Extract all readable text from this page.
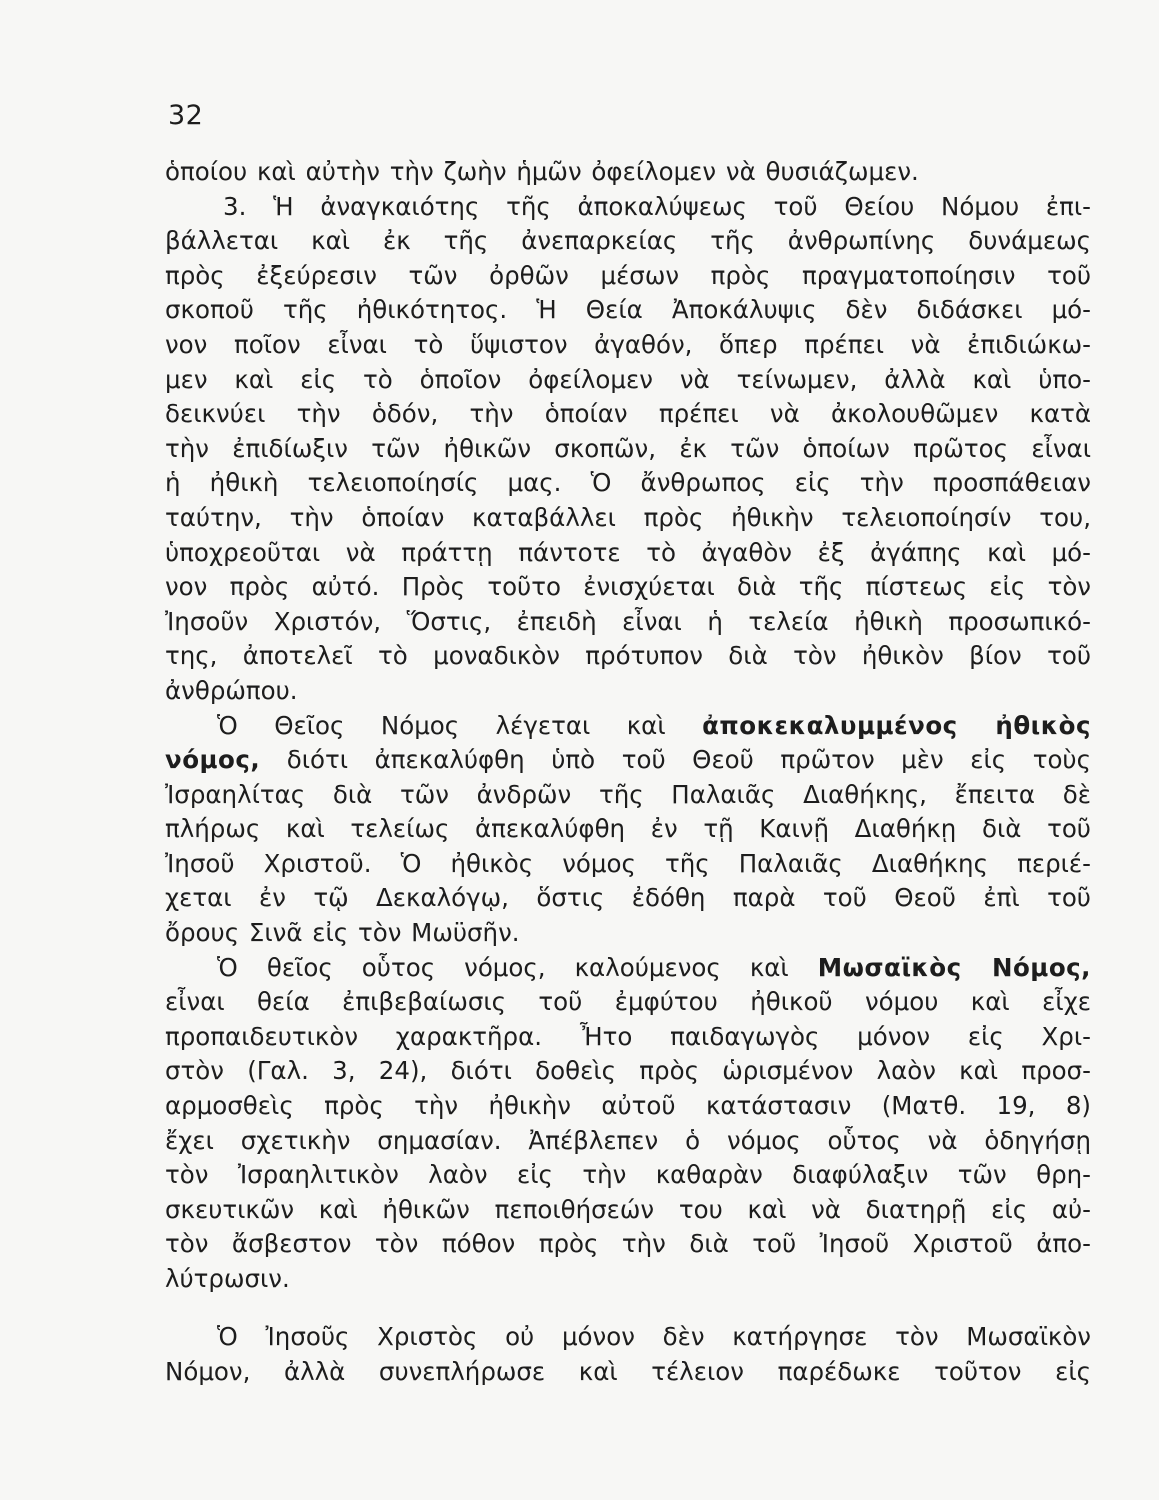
32
ὁποίου καὶ αὐτὴν τὴν ζωὴν ἡμῶν ὀφείλομεν νὰ θυσιάζωμεν.
3. Ἡ ἀναγκαιότης τῆς ἀποκαλύψεως τοῦ Θείου Νόμου ἐπι-
βάλλεται καὶ ἐκ τῆς ἀνεπαρκείας τῆς ἀνθρωπίνης δυνάμεως
πρὸς ἐξεύρεσιν τῶν ὀρθῶν μέσων πρὸς πραγματοποίησιν τοῦ
σκοποῦ τῆς ἠθικότητος. Ἡ Θεία Ἀποκάλυψις δὲν διδάσκει μό-
νον ποῖον εἶναι τὸ ὕψιστον ἀγαθόν, ὅπερ πρέπει νὰ ἐπιδιώκω-
μεν καὶ εἰς τὸ ὁποῖον ὀφείλομεν νὰ τείνωμεν, ἀλλὰ καὶ ὑπο-
δεικνύει τὴν ὁδόν, τὴν ὁποίαν πρέπει νὰ ἀκολουθῶμεν κατὰ
τὴν ἐπιδίωξιν τῶν ἠθικῶν σκοπῶν, ἐκ τῶν ὁποίων πρῶτος εἶναι
ἡ ἠθικὴ τελειοποίησίς μας. Ὁ ἄνθρωπος εἰς τὴν προσπάθειαν
ταύτην, τὴν ὁποίαν καταβάλλει πρὸς ἠθικὴν τελειοποίησίν του,
ὑποχρεοῦται νὰ πράττῃ πάντοτε τὸ ἀγαθὸν ἐξ ἀγάπης καὶ μό-
νον πρὸς αὐτό. Πρὸς τοῦτο ἐνισχύεται διὰ τῆς πίστεως εἰς τὸν
Ἰησοῦν Χριστόν, Ὅστις, ἐπειδὴ εἶναι ἡ τελεία ἠθικὴ προσωπικό-
της, ἀποτελεῖ τὸ μοναδικὸν πρότυπον διὰ τὸν ἠθικὸν βίον τοῦ
ἀνθρώπου.
Ὁ Θεῖος Νόμος λέγεται καὶ ἀποκεκαλυμμένος ἠθικὸς
νόμος, διότι ἀπεκαλύφθη ὑπὸ τοῦ Θεοῦ πρῶτον μὲν εἰς τοὺς
Ἰσραηλίτας διὰ τῶν ἀνδρῶν τῆς Παλαιᾶς Διαθήκης, ἔπειτα δὲ
πλήρως καὶ τελείως ἀπεκαλύφθη ἐν τῇ Καινῇ Διαθήκῃ διὰ τοῦ
Ἰησοῦ Χριστοῦ. Ὁ ἠθικὸς νόμος τῆς Παλαιᾶς Διαθήκης περιέ-
χεται ἐν τῷ Δεκαλόγῳ, ὅστις ἐδόθη παρὰ τοῦ Θεοῦ ἐπὶ τοῦ
ὄρους Σινᾶ εἰς τὸν Μωϋσῆν.
Ὁ θεῖος οὗτος νόμος, καλούμενος καὶ Μωσαϊκὸς Νόμος,
εἶναι θεία ἐπιβεβαίωσις τοῦ ἐμφύτου ἠθικοῦ νόμου καὶ εἶχε
προπαιδευτικὸν χαρακτῆρα. Ἦτο παιδαγωγὸς μόνον εἰς Χρι-
στὸν (Γαλ. 3, 24), διότι δοθεὶς πρὸς ὡρισμένον λαὸν καὶ προσ-
αρμοσθεὶς πρὸς τὴν ἠθικὴν αὐτοῦ κατάστασιν (Ματθ. 19, 8)
ἔχει σχετικὴν σημασίαν. Ἀπέβλεπεν ὁ νόμος οὗτος νὰ ὁδηγήσῃ
τὸν Ἰσραηλιτικὸν λαὸν εἰς τὴν καθαρὰν διαφύλαξιν τῶν θρη-
σκευτικῶν καὶ ἠθικῶν πεποιθήσεών του καὶ νὰ διατηρῇ εἰς αὐ-
τὸν ἄσβεστον τὸν πόθον πρὸς τὴν διὰ τοῦ Ἰησοῦ Χριστοῦ ἀπο-
λύτρωσιν.
Ὁ Ἰησοῦς Χριστὸς οὐ μόνον δὲν κατήργησε τὸν Μωσαϊκὸν
Νόμον, ἀλλὰ συνεπλήρωσε καὶ τέλειον παρέδωκε τοῦτον εἰς
